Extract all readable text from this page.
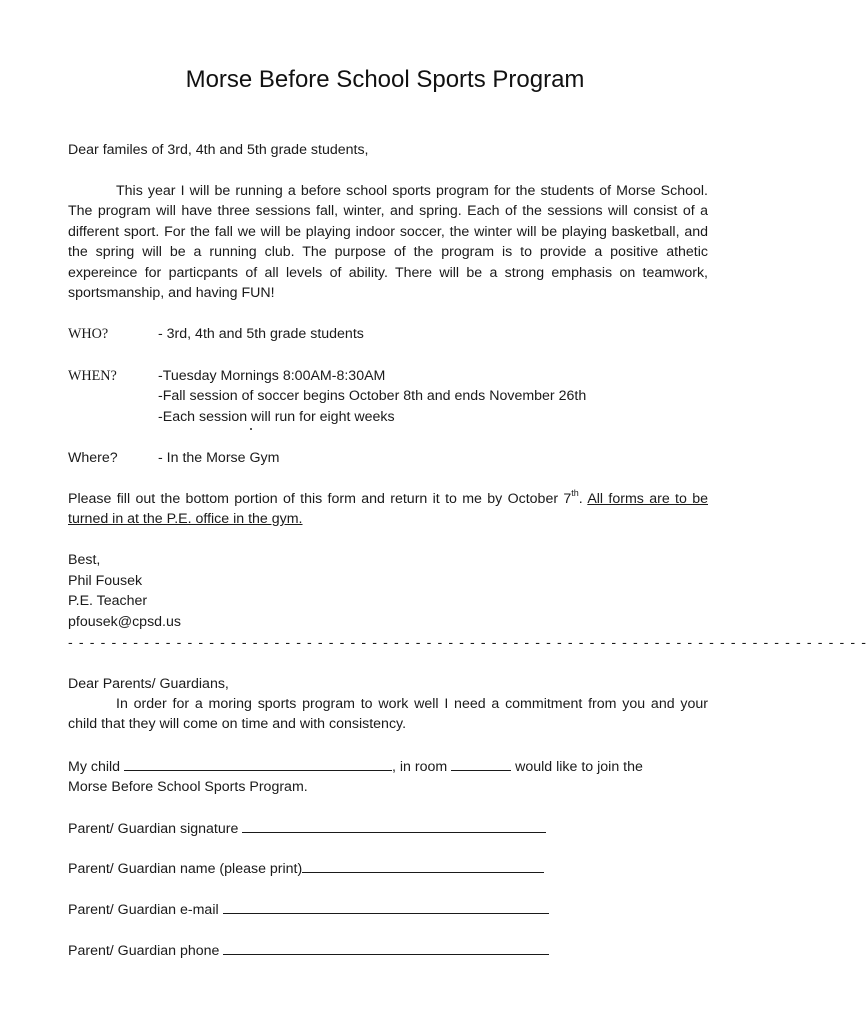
Morse Before School Sports Program
Dear familes of 3rd, 4th and 5th grade students,
This year I will be running a before school sports program for the students of Morse School. The program will have three sessions fall, winter, and spring. Each of the sessions will consist of a different sport. For the fall we will be playing indoor soccer, the winter will be playing basketball, and the spring will be a running club. The purpose of the program is to provide a positive athetic expereince for particpants of all levels of ability. There will be a strong emphasis on teamwork, sportsmanship, and having FUN!
WHO?	- 3rd, 4th and 5th grade students
WHEN?	-Tuesday Mornings 8:00AM-8:30AM
-Fall session of soccer begins October 8th and ends November 26th
-Each session will run for eight weeks
Where?	- In the Morse Gym
Please fill out the bottom portion of this form and return it to me by October 7th. All forms are to be turned in at the P.E. office in the gym.
Best,
Phil Fousek
P.E. Teacher
pfousek@cpsd.us
- - - - - - - - - - - - - - - - - - - - - - - - - - - - - - - - - - - - - - - - - - - - - - - - - - - - - - - - - - - - - - - - - - - - - - - - - -
Dear Parents/ Guardians,
In order for a moring sports program to work well I need a commitment from you and your child that they will come on time and with consistency.
My child	, in room	would like to join the
Morse Before School Sports Program.
Parent/ Guardian signature
Parent/ Guardian name (please print)
Parent/ Guardian e-mail
Parent/ Guardian phone
